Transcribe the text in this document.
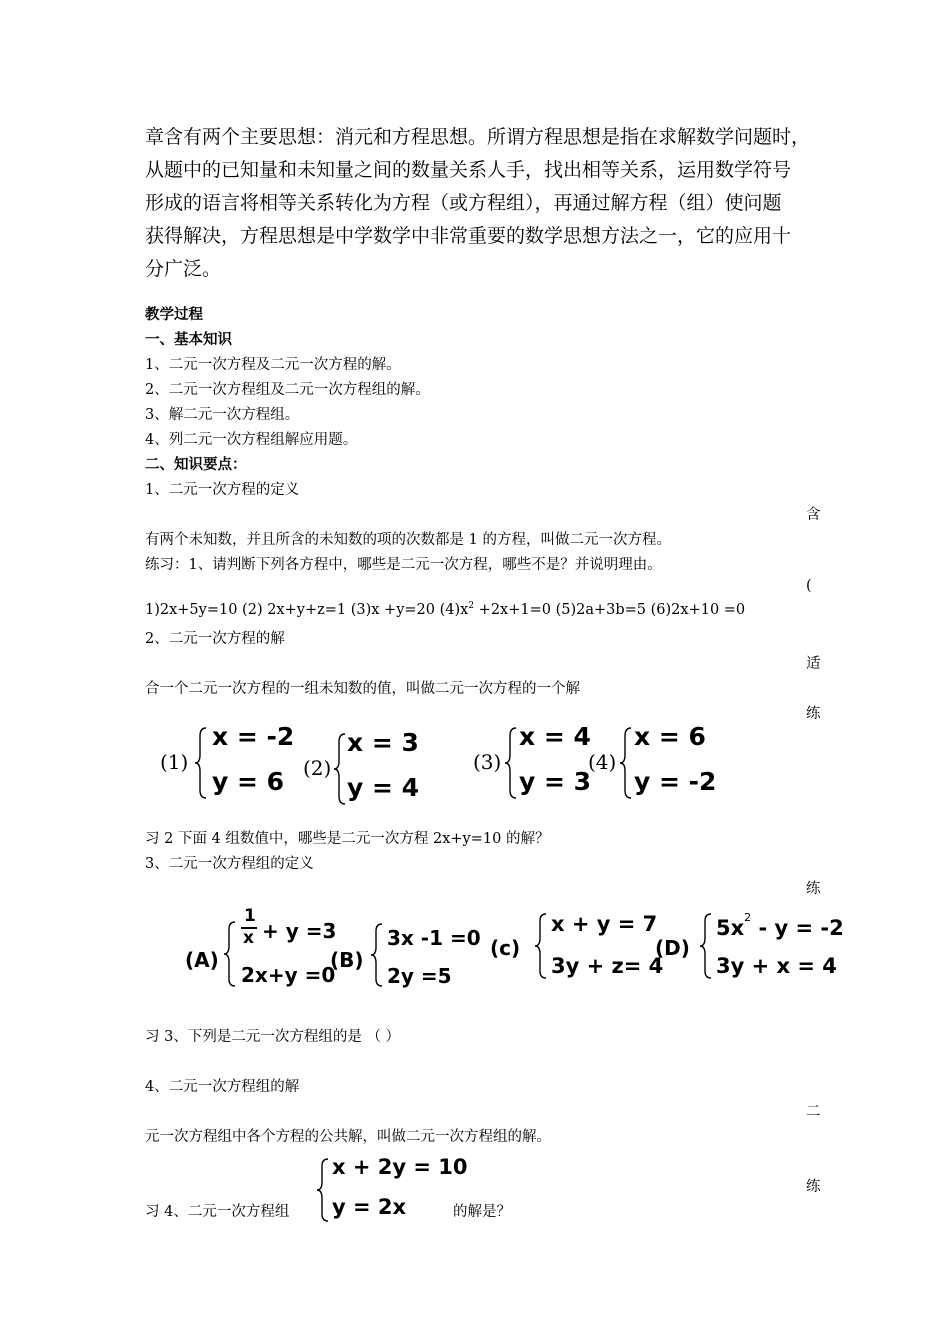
章含有两个主要思想：消元和方程思想。所谓方程思想是指在求解数学问题时，
从题中的已知量和未知量之间的数量关系人手，找出相等关系，运用数学符号
形成的语言将相等关系转化为方程（或方程组），再通过解方程（组）使问题
获得解决，方程思想是中学数学中非常重要的数学思想方法之一，它的应用十
分广泛。
教学过程
一、基本知识
1、二元一次方程及二元一次方程的解。
2、二元一次方程组及二元一次方程组的解。
3、解二元一次方程组。
4、列二元一次方程组解应用题。
二、知识要点：
1、二元一次方程的定义
含
(
适
练
练
二
练
有两个未知数，并且所含的未知数的项的次数都是 1 的方程，叫做二元一次方程。
练习：1、请判断下列各方程中，哪些是二元一次方程，哪些不是？并说明理由。
1)2x+5y=10 (2) 2x+y+z=1 (3)x +y=20 $(4)x^2 +2x+1=0$ (5)2a+3b=5 (6)2x+10 =0
2、二元一次方程的解
合一个二元一次方程的一组未知数的值，叫做二元一次方程的一个解
(1)
x = -2
y = 6 (2)
x = 3
y = 4
(3)
x = 4
y = 3
(4)
x = 6
y = -2
习 2 下面 4 组数值中，哪些是二元一次方程 2x+y=10 的解？
3、二元一次方程组的定义
(A)
1
x + y =3
2x+y =0
(B)
3x -1 =0
2y =5
(c)
x + y = 7
3y + z= 4
(D)
$5x^2 - y = -2$
3y + x = 4
习 3、下列是二元一次方程组的是 （ ）
4、二元一次方程组的解
元一次方程组中各个方程的公共解，叫做二元一次方程组的解。
习 4、二元一次方程组
x + 2y = 10
y = 2x	的解是？
